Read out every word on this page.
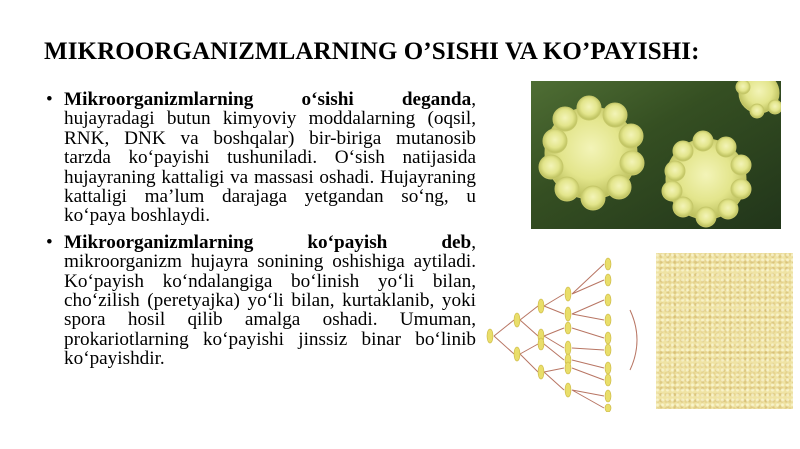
MIKROORGANIZMLARNING O’SISHI VA KO’PAYISHI:
• Mikroorganizmlarning o‘sishi deganda, hujayradagi butun kimyoviy moddalarning (oqsil, RNK, DNK va boshqalar) bir-biriga mutanosib tarzda ko‘payishi tushuniladi. O‘sish natijasida hujayraning kattaligi va massasi oshadi. Hujayraning kattaligi ma’lum darajaga yetgandan so‘ng, u ko‘paya boshlaydi.
• Mikroorganizmlarning ko‘payish deb, mikroorganizm hujayra sonining oshishiga aytiladi. Ko‘payish ko‘ndalangiga bo‘linish yo‘li bilan, cho‘zilish (peretyajka) yo‘li bilan, kurtaklanib, yoki spora hosil qilib amalga oshadi. Umuman, prokariotlarning ko‘payishi jinssiz binar bo‘linib ko‘payishdir.
